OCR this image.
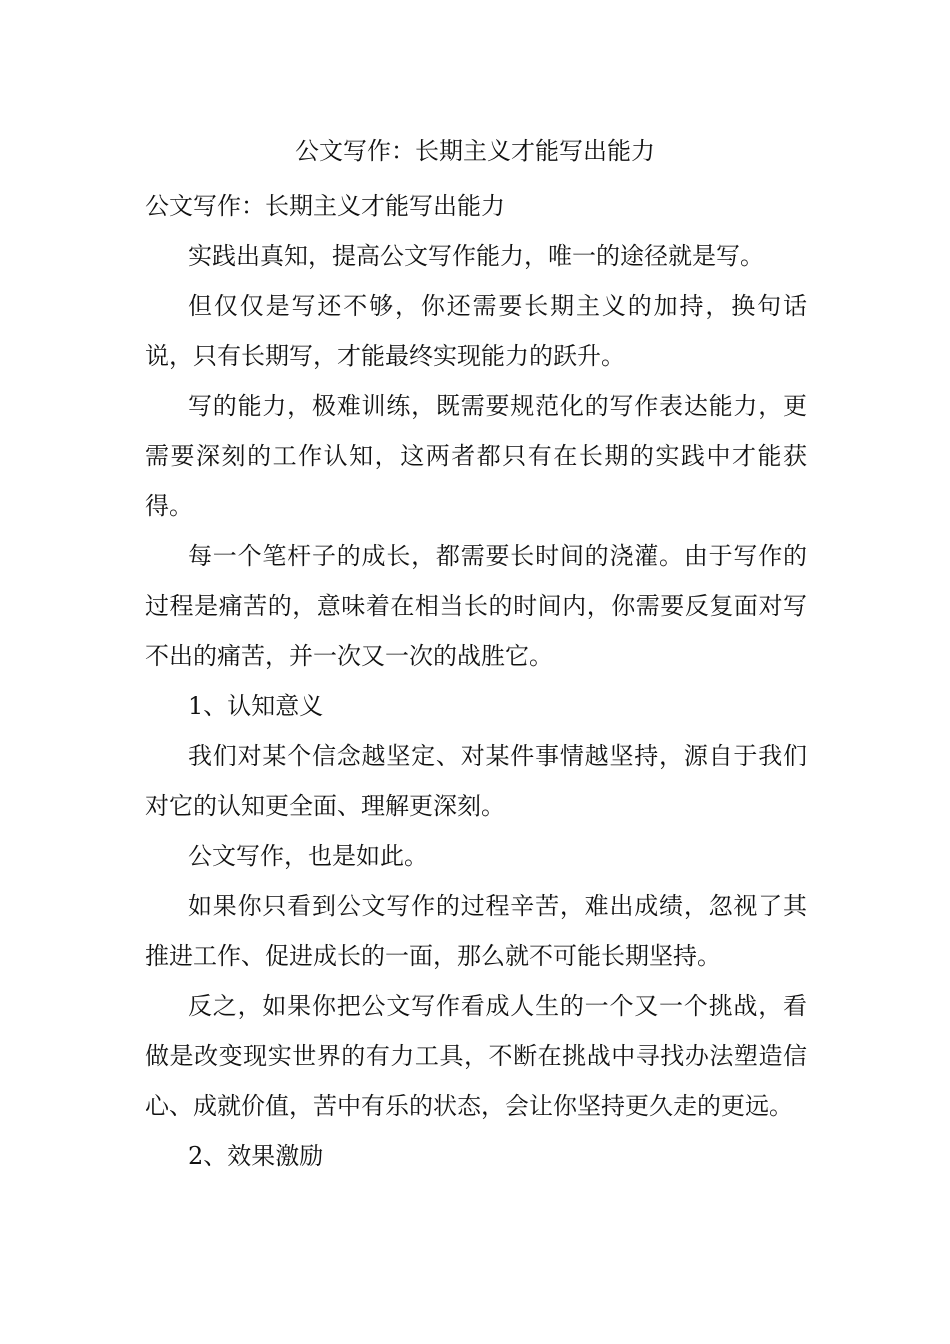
公文写作：长期主义才能写出能力

公文写作：长期主义才能写出能力

实践出真知，提高公文写作能力，唯一的途径就是写。

但仅仅是写还不够，你还需要长期主义的加持，换句话说，只有长期写，才能最终实现能力的跃升。

写的能力，极难训练，既需要规范化的写作表达能力，更需要深刻的工作认知，这两者都只有在长期的实践中才能获得。

每一个笔杆子的成长，都需要长时间的浇灌。由于写作的过程是痛苦的，意味着在相当长的时间内，你需要反复面对写不出的痛苦，并一次又一次的战胜它。

1、认知意义

我们对某个信念越坚定、对某件事情越坚持，源自于我们对它的认知更全面、理解更深刻。

公文写作，也是如此。

如果你只看到公文写作的过程辛苦，难出成绩，忽视了其推进工作、促进成长的一面，那么就不可能长期坚持。

反之，如果你把公文写作看成人生的一个又一个挑战，看做是改变现实世界的有力工具，不断在挑战中寻找办法塑造信心、成就价值，苦中有乐的状态，会让你坚持更久走的更远。

2、效果激励
